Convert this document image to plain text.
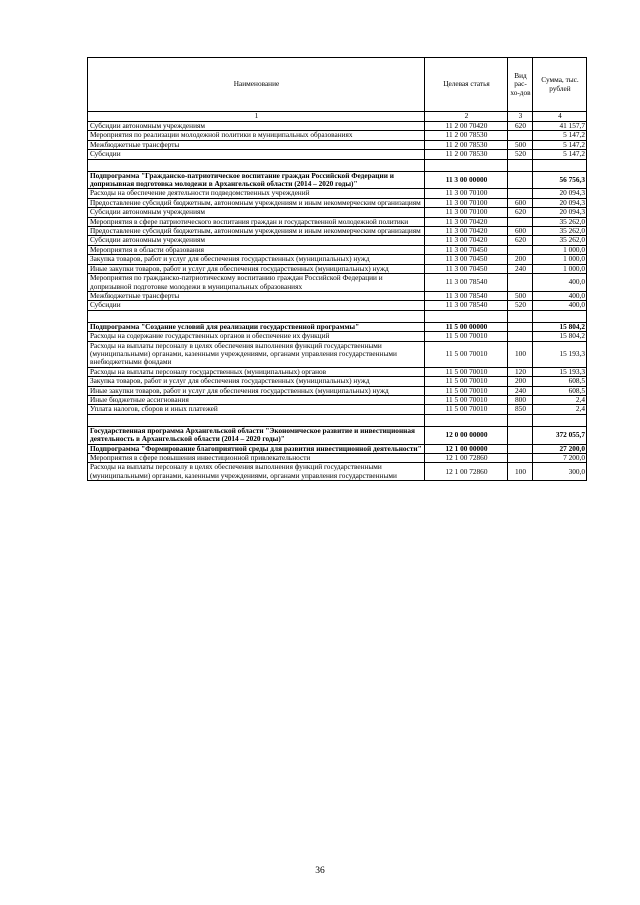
Наименование	Целевая статья	Вид рас-хо-дов	Сумма, тыс. рублей
1	2	3	4
Субсидии автономным учреждениям	11 2 00 70420	620	41 157,7
Мероприятия по реализации молодежной политики в муниципальных образованиях	11 2 00 78530		5 147,2
Межбюджетные трансферты	11 2 00 78530	500	5 147,2
Субсидии	11 2 00 78530	520	5 147,2

Подпрограмма "Гражданско-патриотическое воспитание граждан Российской Федерации и допризывная подготовка молодежи в Архангельской области (2014 – 2020 годы)"	11 3 00 00000		56 756,3
Расходы на обеспечение деятельности подведомственных учреждений	11 3 00 70100		20 094,3
Предоставление субсидий бюджетным, автономным учреждениям и иным некоммерческим организациям	11 3 00 70100	600	20 094,3
Субсидии автономным учреждениям	11 3 00 70100	620	20 094,3
Мероприятия в сфере патриотического воспитания граждан и государственной молодежной политики	11 3 00 70420		35 262,0
Предоставление субсидий бюджетным, автономным учреждениям и иным некоммерческим организациям	11 3 00 70420	600	35 262,0
Субсидии автономным учреждениям	11 3 00 70420	620	35 262,0
Мероприятия в области образования	11 3 00 70450		1 000,0
Закупка товаров, работ и услуг для обеспечения государственных (муниципальных) нужд	11 3 00 70450	200	1 000,0
Иные закупки товаров, работ и услуг для обеспечения государственных (муниципальных) нужд	11 3 00 70450	240	1 000,0
Мероприятия по гражданско-патриотическому воспитанию граждан Российской Федерации и допризывной подготовке молодежи в муниципальных образованиях	11 3 00 78540		400,0
Межбюджетные трансферты	11 3 00 78540	500	400,0
Субсидии	11 3 00 78540	520	400,0

Подпрограмма "Создание условий для реализации государственной программы"	11 5 00 00000		15 804,2
Расходы на содержание государственных органов и обеспечение их функций	11 5 00 70010		15 804,2
Расходы на выплаты персоналу в целях обеспечения выполнения функций государственными (муниципальными) органами, казенными учреждениями, органами управления государственными внебюджетными фондами	11 5 00 70010	100	15 193,3
Расходы на выплаты персоналу государственных (муниципальных) органов	11 5 00 70010	120	15 193,3
Закупка товаров, работ и услуг для обеспечения государственных (муниципальных) нужд	11 5 00 70010	200	608,5
Иные закупки товаров, работ и услуг для обеспечения государственных (муниципальных) нужд	11 5 00 70010	240	608,5
Иные бюджетные ассигнования	11 5 00 70010	800	2,4
Уплата налогов, сборов и иных платежей	11 5 00 70010	850	2,4

Государственная программа Архангельской области "Экономическое развитие и инвестиционная деятельность в Архангельской области (2014 – 2020 годы)"	12 0 00 00000		372 055,7
Подпрограмма "Формирование благоприятной среды для развития инвестиционной деятельности"	12 1 00 00000		27 200,0
Мероприятия в сфере повышения инвестиционной привлекательности	12 1 00 72860		7 200,0
Расходы на выплаты персоналу в целях обеспечения выполнения функций государственными (муниципальными) органами, казенными учреждениями, органами управления государственными	12 1 00 72860	100	300,0
36
